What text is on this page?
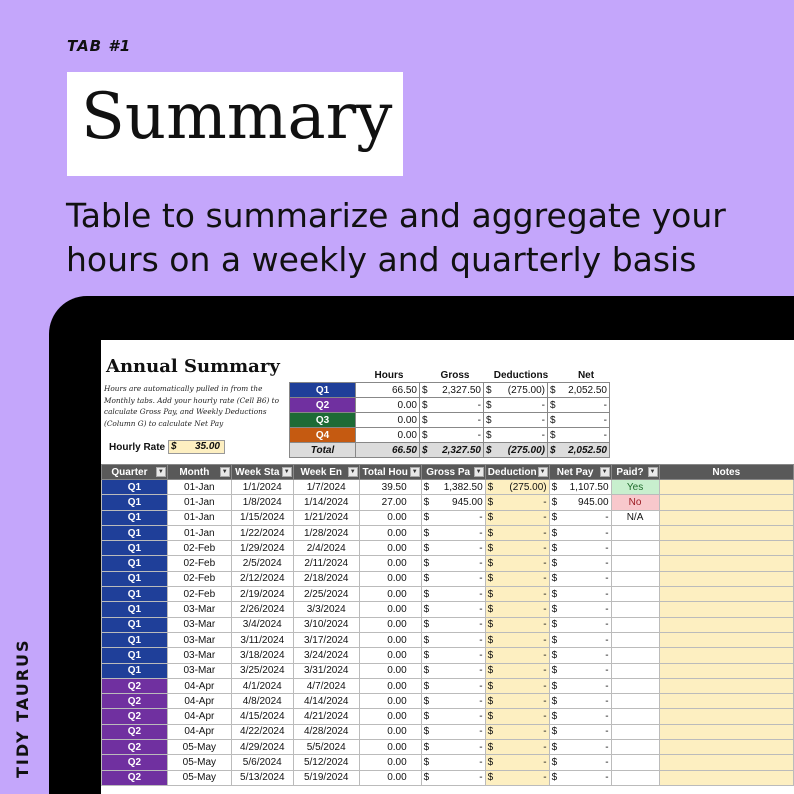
TAB #1
Summary
Table to summarize and aggregate your hours on a weekly and quarterly basis
TIDY TAURUS
Annual Summary
Hours are automatically pulled in from the Monthly tabs. Add your hourly rate (Cell B6) to calculate Gross Pay, and Weekly Deductions (Column G) to calculate Net Pay
Hourly Rate $	35.00
Hours	Gross	Deductions	Net
Q1	66.50	$ 2,327.50	$ (275.00)	$ 2,052.50

Q2	0.00	$ -	$ -	$ -

Q3	0.00	$ -	$ -	$ -

Q4	0.00	$ -	$ -	$ -

Total	66.50	$ 2,327.50	$ (275.00)	$ 2,052.50
Quarter ▼	Month ▼	Week Sta ▼	Week En ▼	Total Hou ▼	Gross Pa ▼	Deduction ▼	Net Pay ▼	Paid? ▼	Notes
Q1	01-Jan	1/1/2024	1/7/2024	39.50	$ 1,382.50	$ (275.00)	$ 1,107.50	Yes	
Q1	01-Jan	1/8/2024	1/14/2024	27.00	$ 945.00	$ -	$ 945.00	No	
Q1	01-Jan	1/15/2024	1/21/2024	0.00	$ -	$ -	$ -	N/A	
Q1	01-Jan	1/22/2024	1/28/2024	0.00	$ -	$ -	$ -		

Q1	02-Feb	1/29/2024	2/4/2024	0.00	$ -	$ -	$ -		

Q1	02-Feb	2/5/2024	2/11/2024	0.00	$ -	$ -	$ -		

Q1	02-Feb	2/12/2024	2/18/2024	0.00	$ -	$ -	$ -		

Q1	02-Feb	2/19/2024	2/25/2024	0.00	$ -	$ -	$ -		

Q1	03-Mar	2/26/2024	3/3/2024	0.00	$ -	$ -	$ -		

Q1	03-Mar	3/4/2024	3/10/2024	0.00	$ -	$ -	$ -		

Q1	03-Mar	3/11/2024	3/17/2024	0.00	$ -	$ -	$ -		

Q1	03-Mar	3/18/2024	3/24/2024	0.00	$ -	$ -	$ -		

Q1	03-Mar	3/25/2024	3/31/2024	0.00	$ -	$ -	$ -		

Q2	04-Apr	4/1/2024	4/7/2024	0.00	$ -	$ -	$ -		

Q2	04-Apr	4/8/2024	4/14/2024	0.00	$ -	$ -	$ -		

Q2	04-Apr	4/15/2024	4/21/2024	0.00	$ -	$ -	$ -		

Q2	04-Apr	4/22/2024	4/28/2024	0.00	$ -	$ -	$ -		

Q2	05-May	4/29/2024	5/5/2024	0.00	$ -	$ -	$ -		

Q2	05-May	5/6/2024	5/12/2024	0.00	$ -	$ -	$ -		

Q2	05-May	5/13/2024	5/19/2024	0.00	$ -	$ -	$ -		
